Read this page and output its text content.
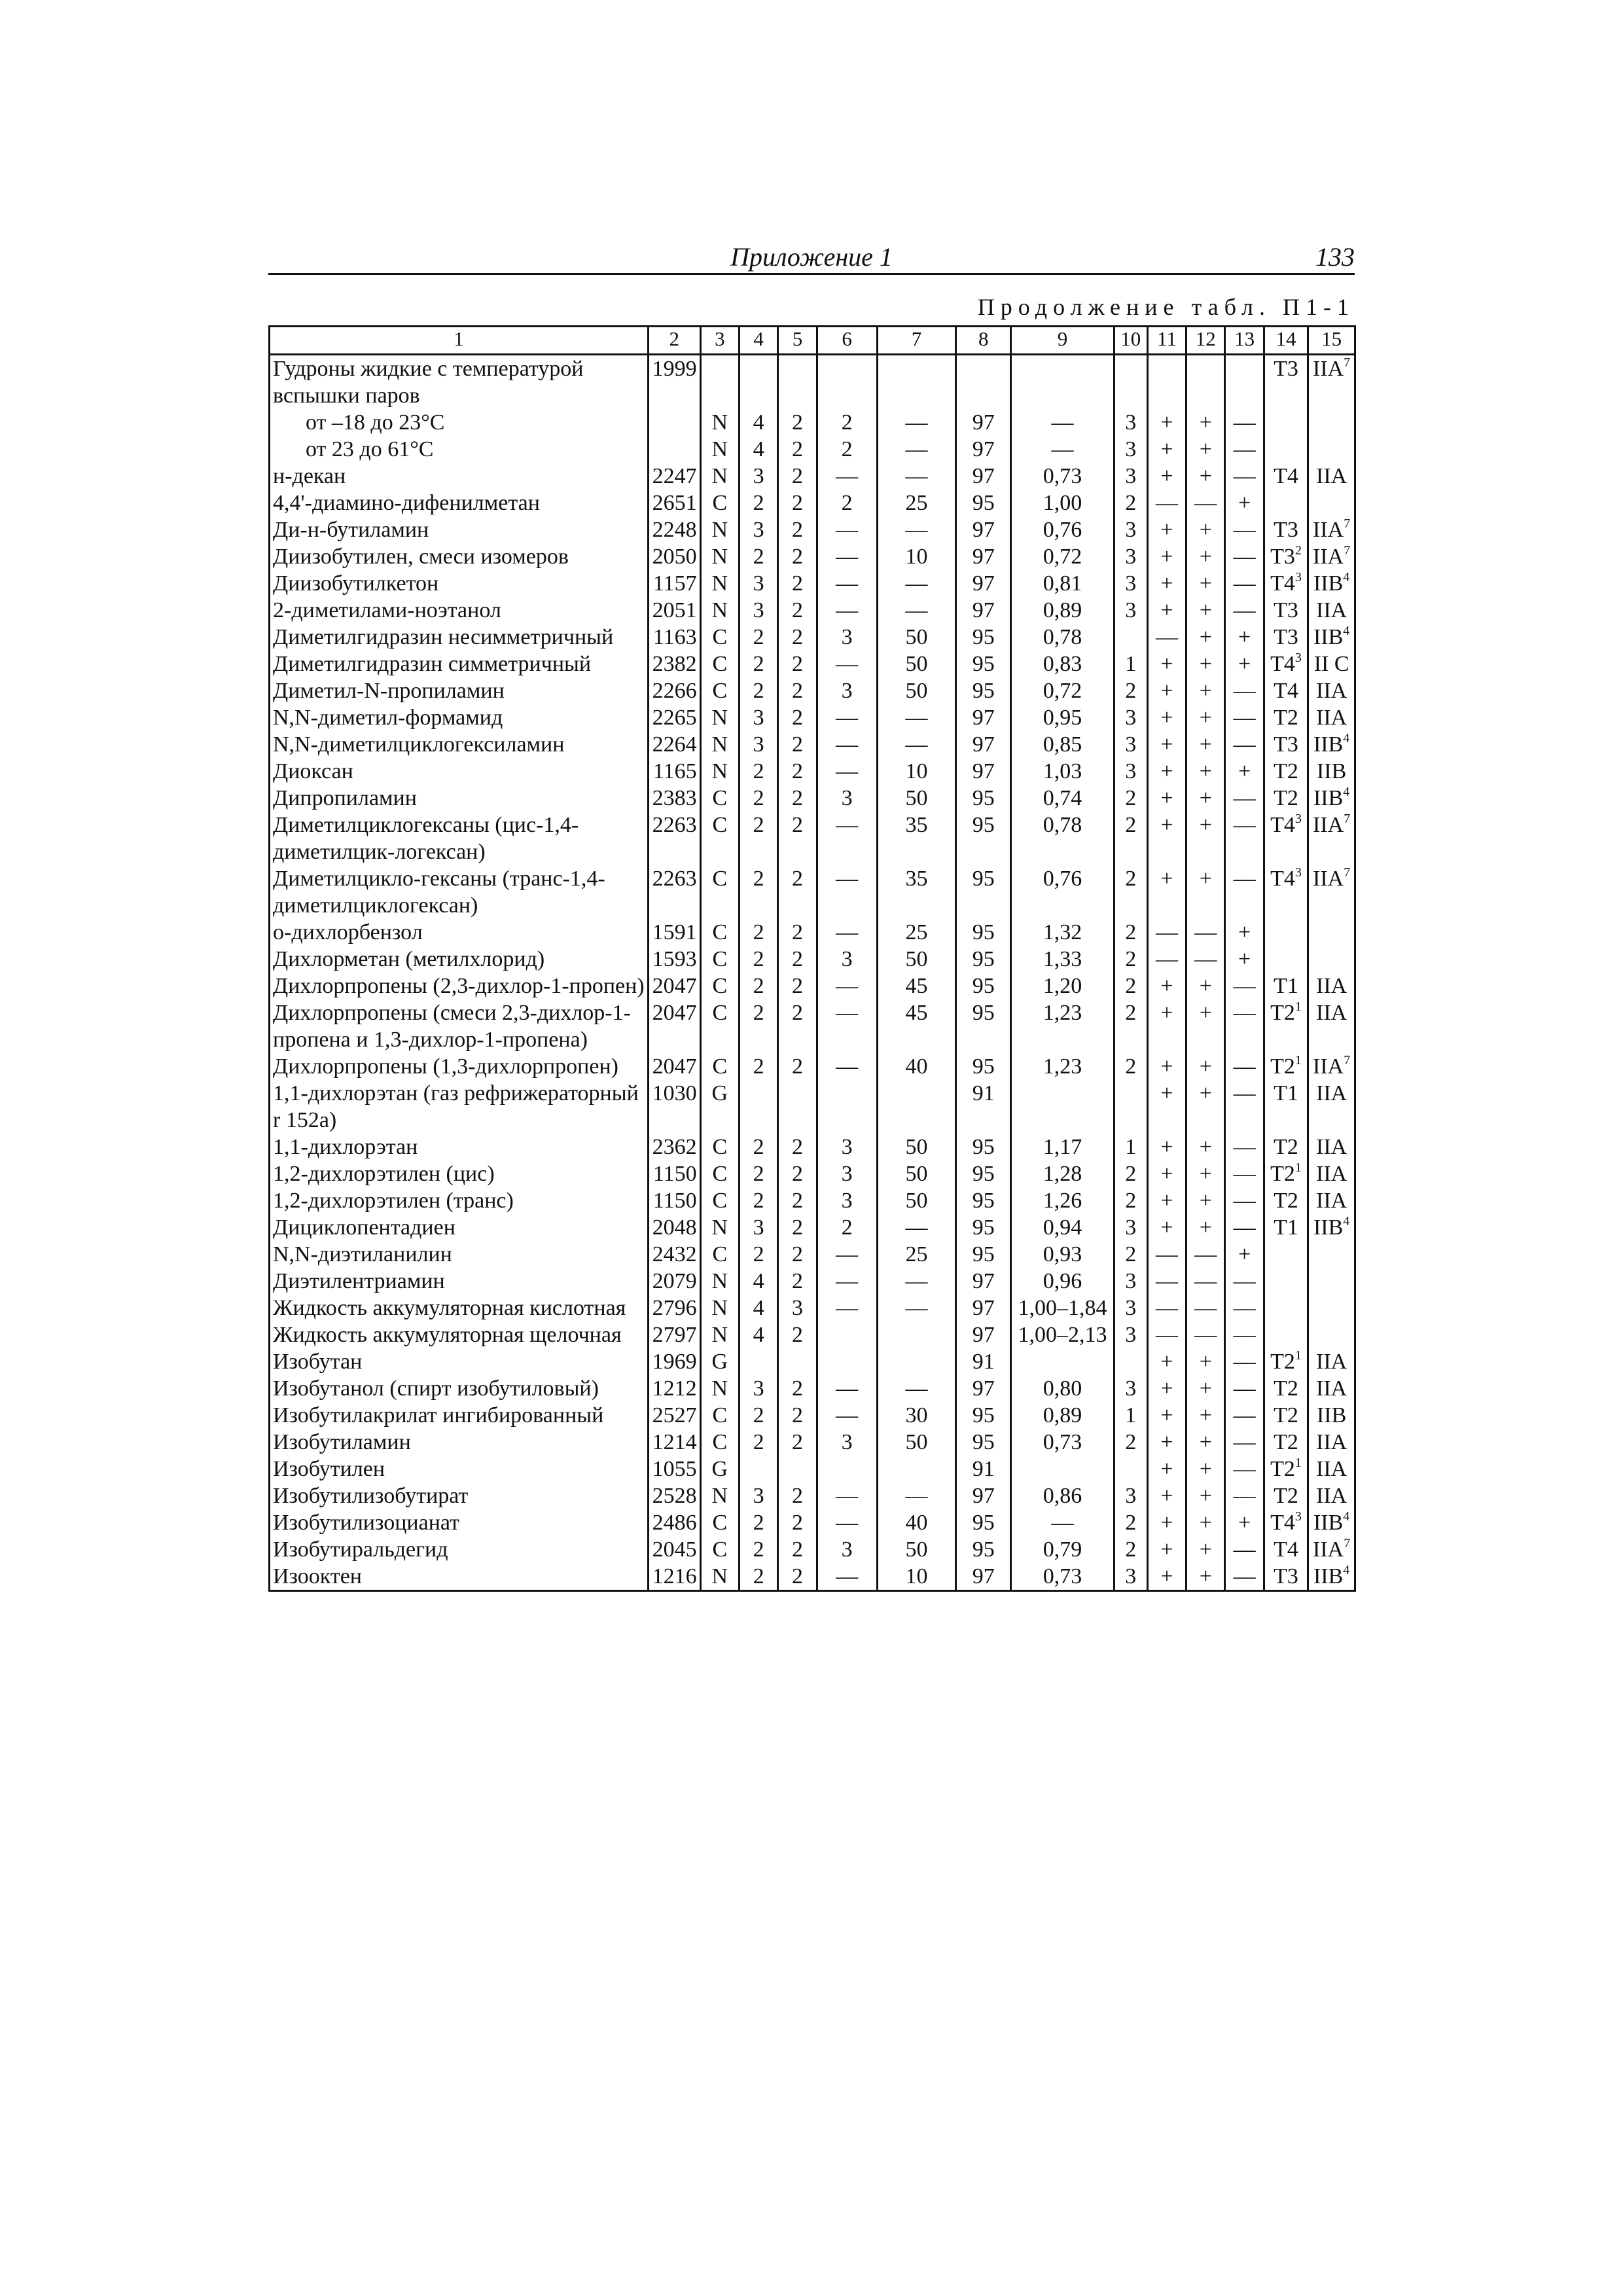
Приложение 1	133
Продолжение табл. П1-1
1	2	3	4	5	6	7	8	9	10	11	12	13	14	15
Гудроны жидкие с температурой вспышки паров	1999												T3	IIA$^7$
от –18 до 23°С		N	4	2	2	—	97	—	3	+	+	—		
от 23 до 61°С		N	4	2	2	—	97	—	3	+	+	—		
н-декан	2247	N	3	2	—	—	97	0,73	3	+	+	—	T4	IIA
4,4'-диамино-дифенилметан	2651	C	2	2	2	25	95	1,00	2	—	—	+		
Ди-н-бутиламин	2248	N	3	2	—	—	97	0,76	3	+	+	—	T3	IIA$^7$
Диизобутилен, смеси изомеров	2050	N	2	2	—	10	97	0,72	3	+	+	—	$T3^2$	IIA$^7$
Диизобутилкетон	1157	N	3	2	—	—	97	0,81	3	+	+	—	$T4^3$	IIB$^4$
2-диметилами-ноэтанол	2051	N	3	2	—	—	97	0,89	3	+	+	—	T3	IIA
Диметилгидразин несимметричный	1163	C	2	2	3	50	95	0,78		—	+	+	T3	IIB$^4$
Диметилгидразин симметричный	2382	C	2	2	—	50	95	0,83	1	+	+	+	$T4^3$	II C
Диметил-N-пропиламин	2266	C	2	2	3	50	95	0,72	2	+	+	—	T4	IIA
N,N-диметил-формамид	2265	N	3	2	—	—	97	0,95	3	+	+	—	T2	IIA
N,N-диметилциклогексиламин	2264	N	3	2	—	—	97	0,85	3	+	+	—	T3	IIB$^4$
Диоксан	1165	N	2	2	—	10	97	1,03	3	+	+	+	T2	IIB
Дипропиламин	2383	C	2	2	3	50	95	0,74	2	+	+	—	T2	IIB$^4$
Диметилциклогексаны (цис-1,4-диметилцик-логексан)	2263	C	2	2	—	35	95	0,78	2	+	+	—	$T4^3$	IIA$^7$
Диметилцикло-гексаны (транс-1,4-диметилциклогексан)	2263	C	2	2	—	35	95	0,76	2	+	+	—	$T4^3$	IIA$^7$
о-дихлорбензол	1591	C	2	2	—	25	95	1,32	2	—	—	+		
Дихлорметан (метилхлорид)	1593	C	2	2	3	50	95	1,33	2	—	—	+		
Дихлорпропены (2,3-дихлор-1-пропен)	2047	C	2	2	—	45	95	1,20	2	+	+	—	T1	IIA
Дихлорпропены (смеси 2,3-дихлор-1-пропена и 1,3-дихлор-1-пропена)	2047	C	2	2	—	45	95	1,23	2	+	+	—	$T2^1$	IIA
Дихлорпропены (1,3-дихлорпропен)	2047	C	2	2	—	40	95	1,23	2	+	+	—	$T2^1$	IIA$^7$
1,1-дихлорэтан (газ рефрижераторный r 152a)	1030	G					91			+	+	—	T1	IIA
1,1-дихлорэтан	2362	C	2	2	3	50	95	1,17	1	+	+	—	T2	IIA
1,2-дихлорэтилен (цис)	1150	C	2	2	3	50	95	1,28	2	+	+	—	$T2^1$	IIA
1,2-дихлорэтилен (транс)	1150	C	2	2	3	50	95	1,26	2	+	+	—	T2	IIA
Дициклопентадиен	2048	N	3	2	2	—	95	0,94	3	+	+	—	T1	IIB$^4$
N,N-диэтиланилин	2432	C	2	2	—	25	95	0,93	2	—	—	+		
Диэтилентриамин	2079	N	4	2	—	—	97	0,96	3	—	—	—		
Жидкость аккумуляторная кислотная	2796	N	4	3	—	—	97	1,00–1,84	3	—	—	—		
Жидкость аккумуляторная щелочная	2797	N	4	2			97	1,00–2,13	3	—	—	—		
Изобутан	1969	G					91			+	+	—	$T2^1$	IIA
Изобутанол (спирт изобутиловый)	1212	N	3	2	—	—	97	0,80	3	+	+	—	T2	IIA
Изобутилакрилат ингибированный	2527	C	2	2	—	30	95	0,89	1	+	+	—	T2	IIB
Изобутиламин	1214	C	2	2	3	50	95	0,73	2	+	+	—	T2	IIA
Изобутилен	1055	G					91			+	+	—	$T2^1$	IIA
Изобутилизобутират	2528	N	3	2	—	—	97	0,86	3	+	+	—	T2	IIA
Изобутилизоцианат	2486	C	2	2	—	40	95	—	2	+	+	+	$T4^3$	IIB$^4$
Изобутиральдегид	2045	C	2	2	3	50	95	0,79	2	+	+	—	T4	IIA$^7$
Изооктен	1216	N	2	2	—	10	97	0,73	3	+	+	—	T3	IIB$^4$
